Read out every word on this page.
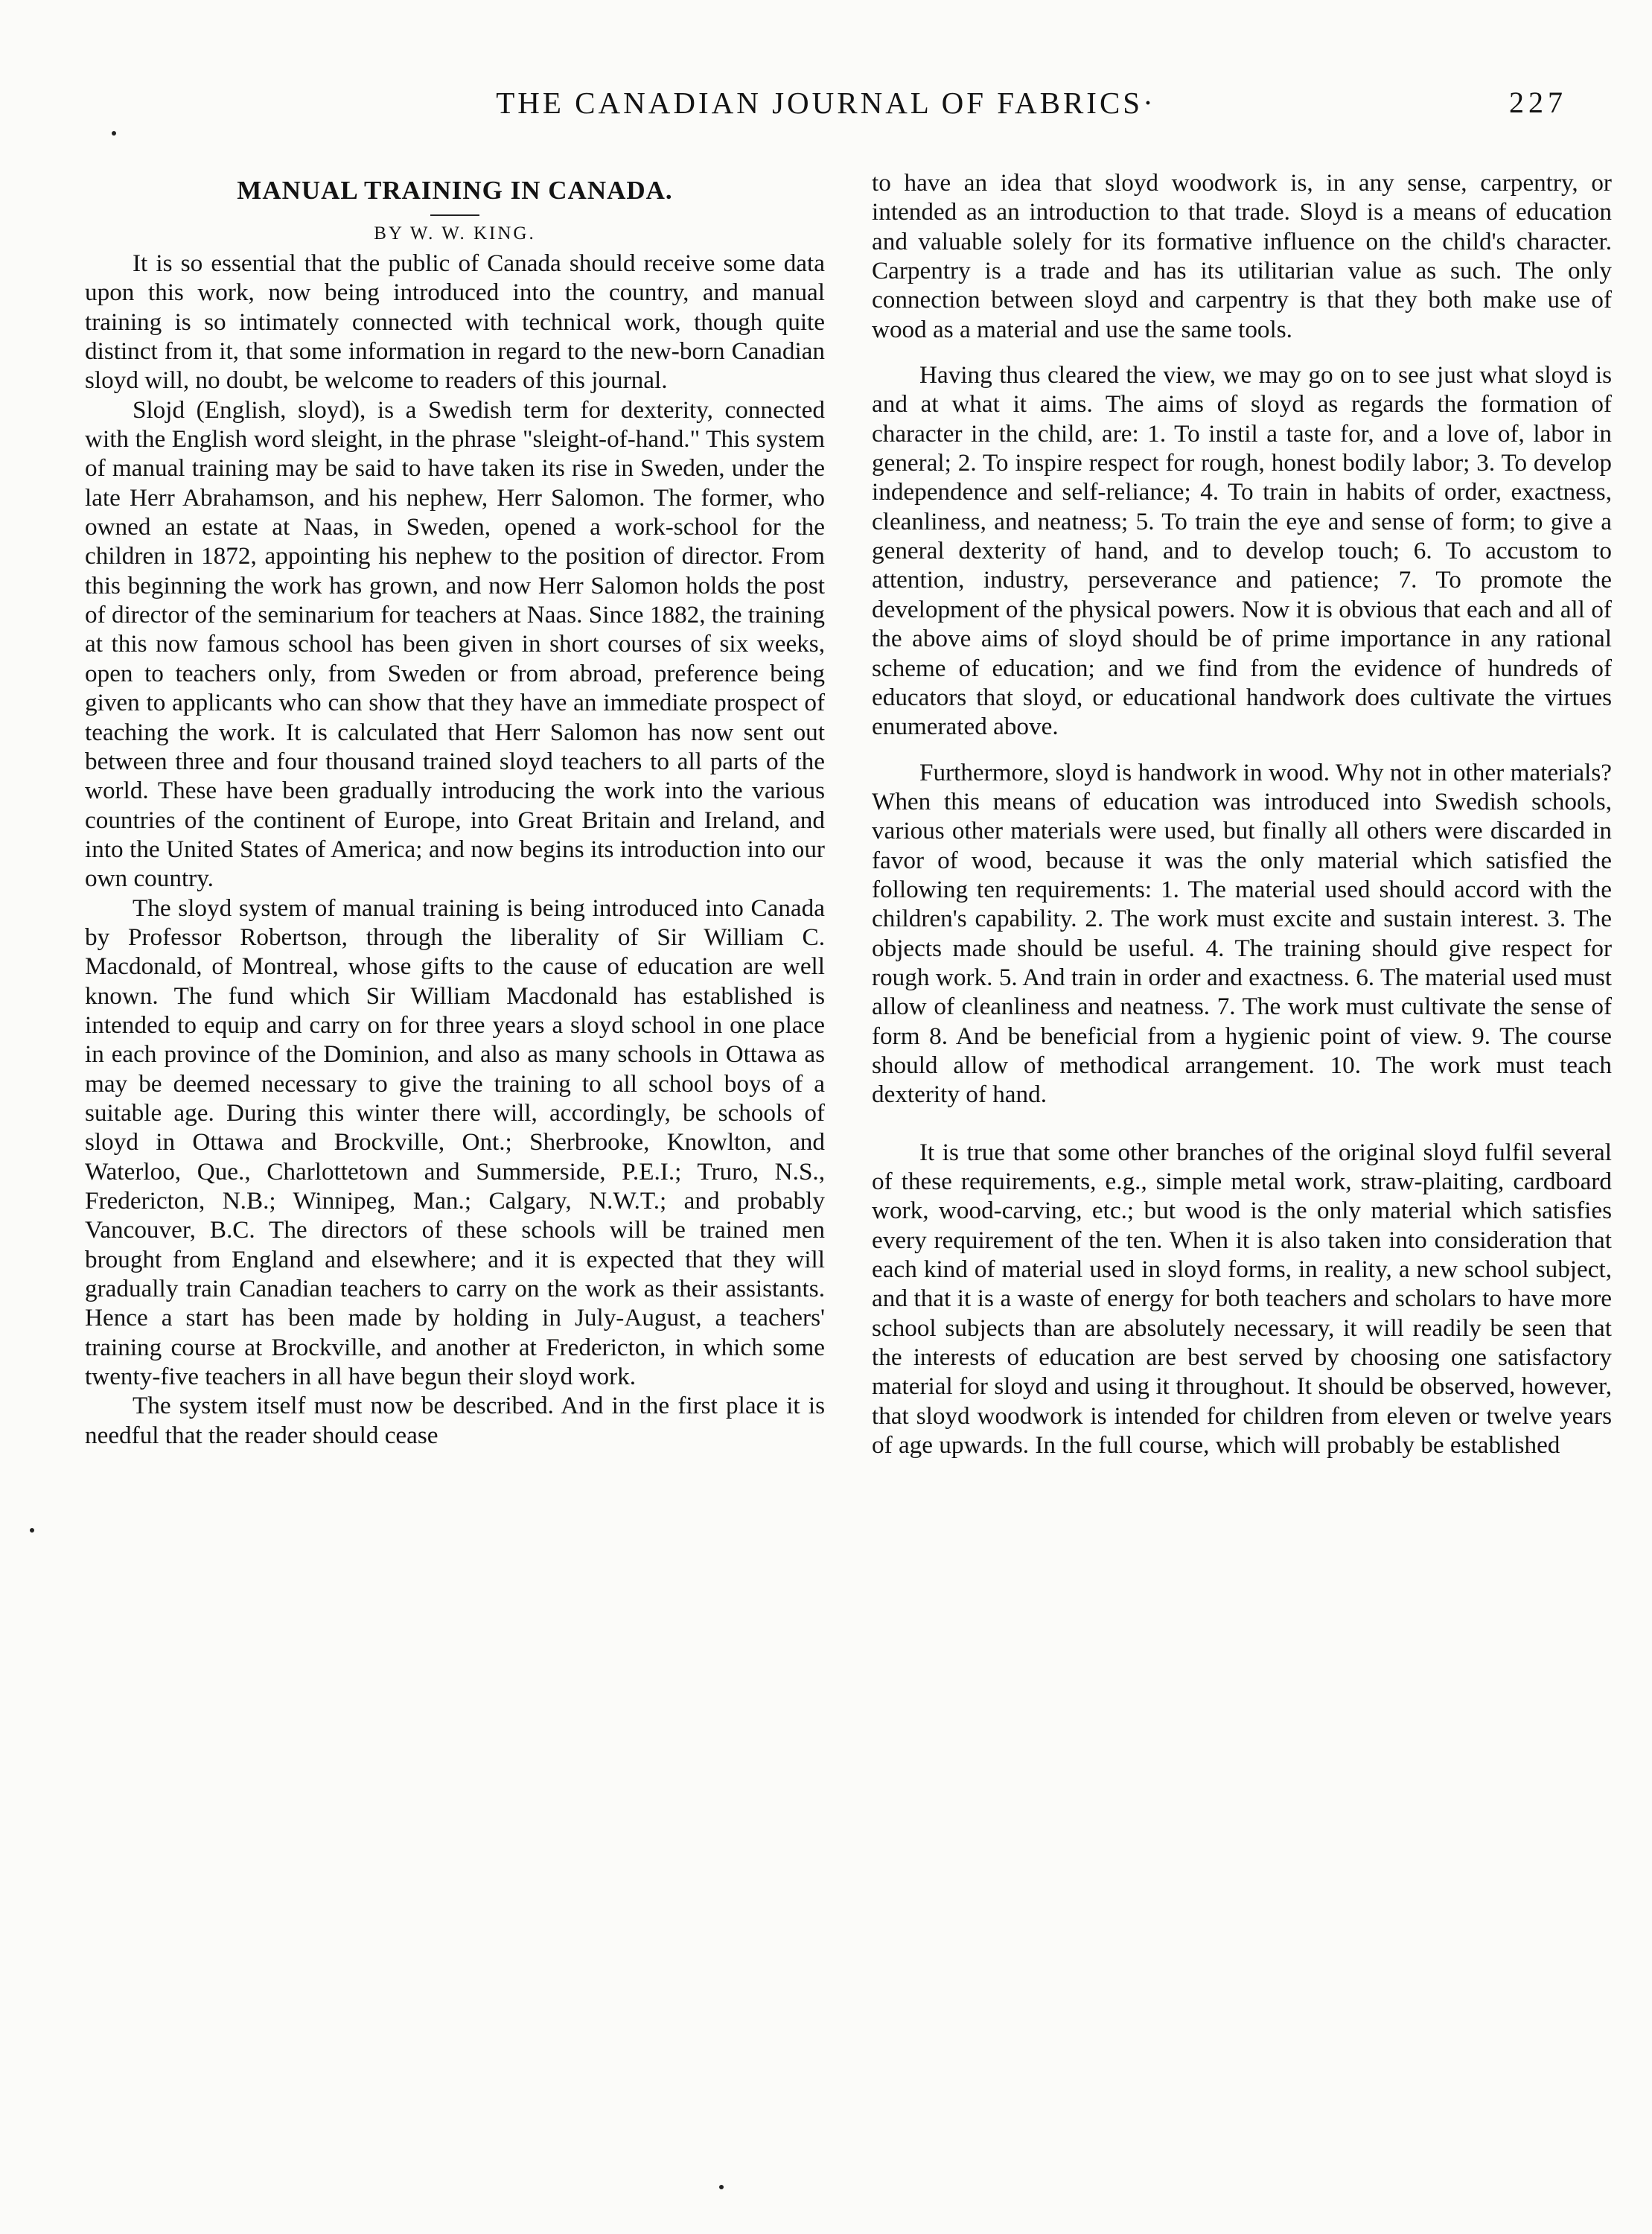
THE CANADIAN JOURNAL OF FABRICS·	227
MANUAL TRAINING IN CANADA.
BY W. W. KING.

It is so essential that the public of Canada should receive some data upon this work, now being introduced into the country, and manual training is so intimately connected with technical work, though quite distinct from it, that some information in regard to the new-born Canadian sloyd will, no doubt, be welcome to readers of this journal.

Slojd (English, sloyd), is a Swedish term for dexterity, connected with the English word sleight, in the phrase "sleight-of-hand." This system of manual training may be said to have taken its rise in Sweden, under the late Herr Abrahamson, and his nephew, Herr Salomon. The former, who owned an estate at Naas, in Sweden, opened a work-school for the children in 1872, appointing his nephew to the position of director. From this beginning the work has grown, and now Herr Salomon holds the post of director of the seminarium for teachers at Naas. Since 1882, the training at this now famous school has been given in short courses of six weeks, open to teachers only, from Sweden or from abroad, preference being given to applicants who can show that they have an immediate prospect of teaching the work. It is calculated that Herr Salomon has now sent out between three and four thousand trained sloyd teachers to all parts of the world. These have been gradually introducing the work into the various countries of the continent of Europe, into Great Britain and Ireland, and into the United States of America; and now begins its introduction into our own country.

The sloyd system of manual training is being introduced into Canada by Professor Robertson, through the liberality of Sir William C. Macdonald, of Montreal, whose gifts to the cause of education are well known. The fund which Sir William Macdonald has established is intended to equip and carry on for three years a sloyd school in one place in each province of the Dominion, and also as many schools in Ottawa as may be deemed necessary to give the training to all school boys of a suitable age. During this winter there will, accordingly, be schools of sloyd in Ottawa and Brockville, Ont.; Sherbrooke, Knowlton, and Waterloo, Que., Charlottetown and Summerside, P.E.I.; Truro, N.S., Fredericton, N.B.; Winnipeg, Man.; Calgary, N.W.T.; and probably Vancouver, B.C. The directors of these schools will be trained men brought from England and elsewhere; and it is expected that they will gradually train Canadian teachers to carry on the work as their assistants. Hence a start has been made by holding in July-August, a teachers' training course at Brockville, and another at Fredericton, in which some twenty-five teachers in all have begun their sloyd work.

The system itself must now be described. And in the first place it is needful that the reader should cease

to have an idea that sloyd woodwork is, in any sense, carpentry, or intended as an introduction to that trade. Sloyd is a means of education and valuable solely for its formative influence on the child's character. Carpentry is a trade and has its utilitarian value as such. The only connection between sloyd and carpentry is that they both make use of wood as a material and use the same tools.

Having thus cleared the view, we may go on to see just what sloyd is and at what it aims. The aims of sloyd as regards the formation of character in the child, are: 1. To instil a taste for, and a love of, labor in general; 2. To inspire respect for rough, honest bodily labor; 3. To develop independence and self-reliance; 4. To train in habits of order, exactness, cleanliness, and neatness; 5. To train the eye and sense of form; to give a general dexterity of hand, and to develop touch; 6. To accustom to attention, industry, perseverance and patience; 7. To promote the development of the physical powers. Now it is obvious that each and all of the above aims of sloyd should be of prime importance in any rational scheme of education; and we find from the evidence of hundreds of educators that sloyd, or educational handwork does cultivate the virtues enumerated above.

Furthermore, sloyd is handwork in wood. Why not in other materials? When this means of education was introduced into Swedish schools, various other materials were used, but finally all others were discarded in favor of wood, because it was the only material which satisfied the following ten requirements: 1. The material used should accord with the children's capability. 2. The work must excite and sustain interest. 3. The objects made should be useful. 4. The training should give respect for rough work. 5. And train in order and exactness. 6. The material used must allow of cleanliness and neatness. 7. The work must cultivate the sense of form 8. And be beneficial from a hygienic point of view. 9. The course should allow of methodical arrangement. 10. The work must teach dexterity of hand.

It is true that some other branches of the original sloyd fulfil several of these requirements, e.g., simple metal work, straw-plaiting, cardboard work, wood-carving, etc.; but wood is the only material which satisfies every requirement of the ten. When it is also taken into consideration that each kind of material used in sloyd forms, in reality, a new school subject, and that it is a waste of energy for both teachers and scholars to have more school subjects than are absolutely necessary, it will readily be seen that the interests of education are best served by choosing one satisfactory material for sloyd and using it throughout. It should be observed, however, that sloyd woodwork is intended for children from eleven or twelve years of age upwards. In the full course, which will probably be established
